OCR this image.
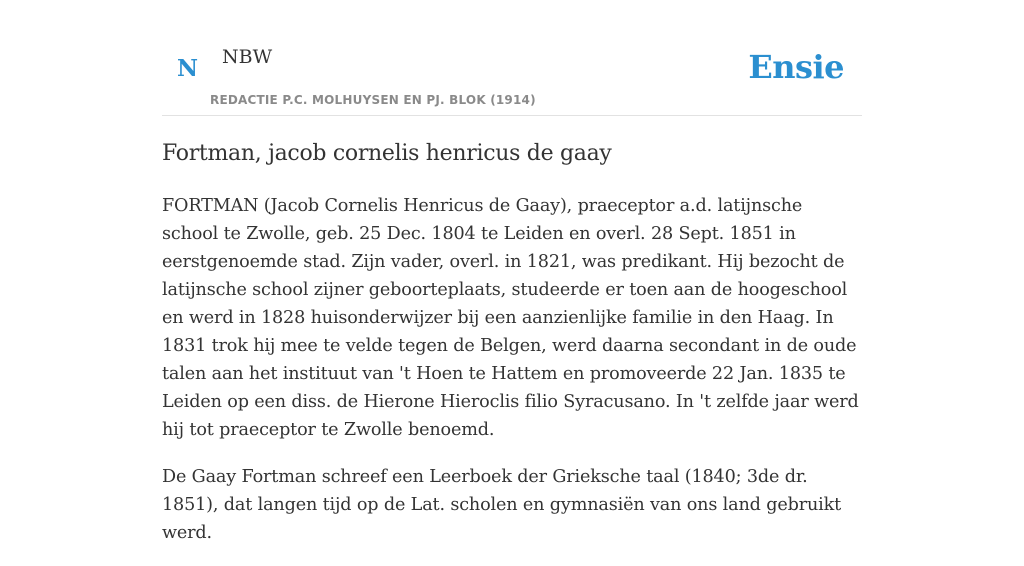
N NBW
REDACTIE P.C. MOLHUYSEN EN PJ. BLOK (1914)
Ensie
Fortman, jacob cornelis henricus de gaay

FORTMAN (Jacob Cornelis Henricus de Gaay), praeceptor a.d. latijnsche school te Zwolle, geb. 25 Dec. 1804 te Leiden en overl. 28 Sept. 1851 in eerstgenoemde stad. Zijn vader, overl. in 1821, was predikant. Hij bezocht de latijnsche school zijner geboorteplaats, studeerde er toen aan de hoogeschool en werd in 1828 huisonderwijzer bij een aanzienlijke familie in den Haag. In 1831 trok hij mee te velde tegen de Belgen, werd daarna secondant in de oude talen aan het instituut van 't Hoen te Hattem en promoveerde 22 Jan. 1835 te Leiden op een diss. de Hierone Hieroclis filio Syracusano. In 't zelfde jaar werd hij tot praeceptor te Zwolle benoemd.

De Gaay Fortman schreef een Leerboek der Grieksche taal (1840; 3de dr. 1851), dat langen tijd op de Lat. scholen en gymnasiën van ons land gebruikt werd.
